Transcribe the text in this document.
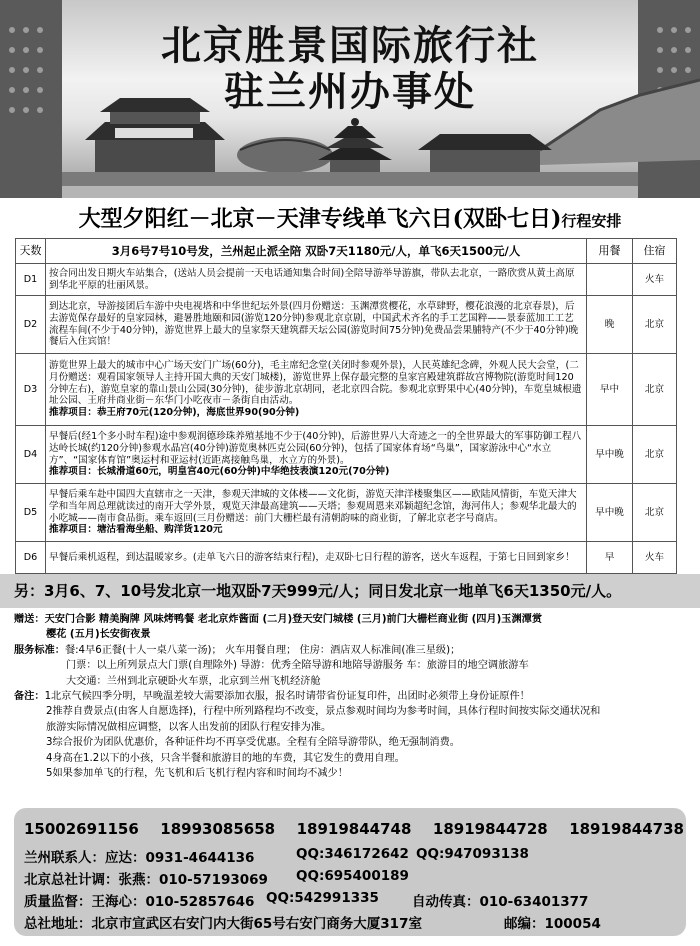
北京胜景国际旅行社
驻兰州办事处
大型夕阳红－北京－天津专线单飞六日(双卧七日)行程安排
天数	3月6号7号10号发，兰州起止派全陪 双卧7天1180元/人，单飞6天1500元/人	用餐	住宿
D1	按合同出发日期火车站集合，(送站人员会提前一天电话通知集合时间)全陪导游举导游旗，带队去北京，一路欣赏从黄土高原到华北平原的壮丽风景。		火车
D2	到达北京，导游接团后车游中央电视塔和中华世纪坛外景(四月份赠送：玉渊潭赏樱花，水草肆野，樱花浪漫的北京春景)，后去游览保存最好的皇家园林，避暑胜地颐和园(游览120分钟)参观北京京剧，中国武术齐名的手工艺国粹——景泰蓝加工工艺流程车间(不少于40分钟)，游览世界上最大的皇家祭天建筑群天坛公园(游览时间75分钟)免费品尝果脯特产(不少于40分钟)晚餐后入住宾馆！	晚	北京
D3	游览世界上最大的城市中心广场天安门广场(60分)，毛主席纪念堂(关闭时参观外景)，人民英雄纪念碑，外观人民大会堂，(二月份赠送：观看国家领导人主持开国大典的天安门城楼)，游览世界上保存最完整的皇家宫殿建筑群故宫博物院(游览时间120分钟左右)，游览皇家的靠山景山公园(30分钟)，徒步游北京胡同，老北京四合院。参观北京野果中心(40分钟)，车览皇城根遗址公园、王府井商业街－东华门小吃夜市－条街自由活动。
推荐项目：恭王府70元(120分钟)，海底世界90(90分钟)	早中	北京
D4	早餐后(经1个多小时车程)途中参观润德珍珠养殖基地不少于(40分钟)，后游世界八大奇迹之一的全世界最大的军事防御工程八达岭长城(约120分钟)参观水晶宫(40分钟)游览奥林匹克公园(60分钟)，包括了国家体育场“鸟巢”，国家游泳中心“水立方”、“国家体育馆”奥运村和亚运村(近距离接触鸟巢，水立方的外景)。
推荐项目：长城滑道60元，明皇宫40元(60分钟)中华绝技表演120元(70分钟)	早中晚	北京
D5	早餐后乘车赴中国四大直辖市之一天津，参观天津城的文体楼——文化街，游览天津洋楼聚集区——欧陆风情街，车览天津大学和当年周总理就读过的南开大学外景，观览天津最高建筑——天塔；参观周恩来邓颖超纪念馆，海河伟人；参观华北最大的小吃城——南市食品街。乘车返回(三月份赠送：前门大栅栏最有清朝韵味的商业街，了解北京老字号商店。
推荐项目：塘沽看海坐船、购洋货120元	早中晚	北京
D6	早餐后乘机返程，到达温暖家乡。(走单飞六日的游客结束行程)，走双卧七日行程的游客，送火车返程，于第七日回到家乡！	早	火车
另：3月6、7、10号发北京一地双卧7天999元/人；同日发北京一地单飞6天1350元/人。
赠送：天安门合影 精美胸牌 风味烤鸭餐 老北京炸酱面 (二月)登天安门城楼 (三月)前门大栅栏商业街 (四月)玉渊潭赏
樱花 (五月)长安街夜景
服务标准：餐:4早6正餐(十人一桌八菜一汤)； 火车用餐自理； 住房：酒店双人标准间(准三星级)；
门票：以上所列景点大门票(自理除外) 导游：优秀全陪导游和地陪导游服务 车：旅游目的地空调旅游车
大交通：兰州到北京硬卧火车票，北京到兰州飞机经济舱
备注：1北京气候四季分明，早晚温差较大需要添加衣服，报名时请带省份证复印件，出团时必须带上身份证原件！
2推荐自费景点(由客人自愿选择)，行程中所列路程均不改变，景点参观时间均为参考时间，具体行程时间按实际交通状况和
旅游实际情况做相应调整，以客人出发前的团队行程安排为准。
3综合报价为团队优惠价，各种证件均不再享受优惠。全程有全陪导游带队，绝无强制消费。
4身高在1.2以下的小孩，只含半餐和旅游目的地的车费，其它发生的费用自理。
5如果参加单飞的行程，先飞机和后飞机行程内容和时间均不减少！
15002691156 18993085658 18919844748 18919844728 18919844738
兰州联系人：应达：0931-4644136	QQ:346172642 QQ:947093138
北京总社计调：张燕：010-57193069 QQ:695400189
质量监督：王海心：010-52857646 QQ:542991335 自动传真：010-63401377
总社地址：北京市宣武区右安门内大街65号右安门商务大厦317室	邮编：100054
